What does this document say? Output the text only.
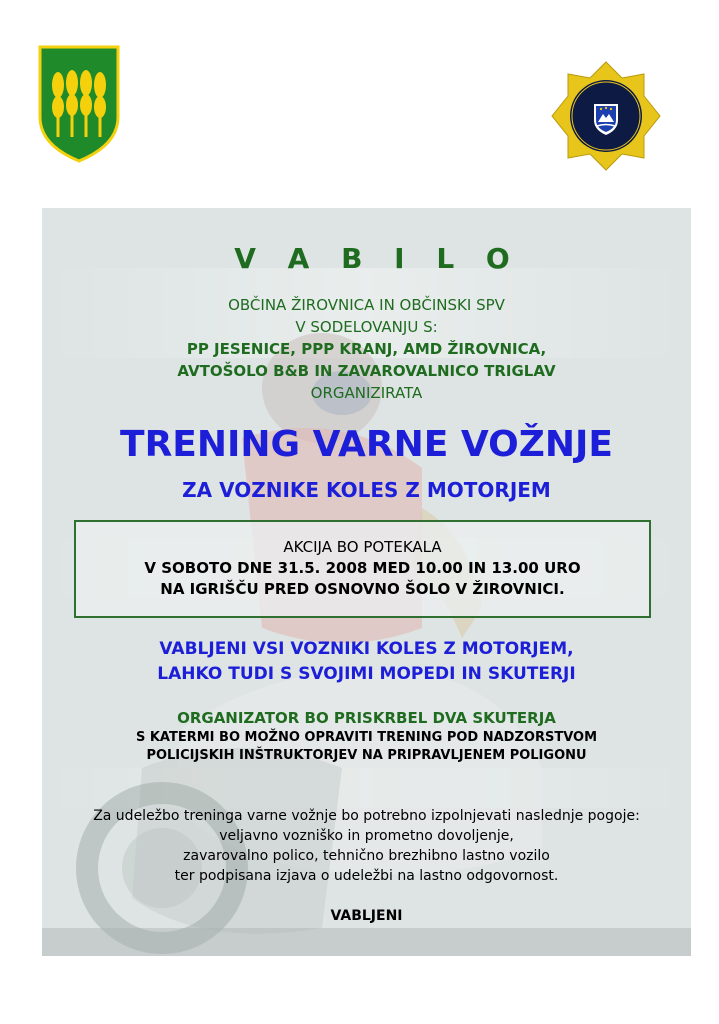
V A B I L O

OBČINA ŽIROVNICA IN OBČINSKI SPV

V SODELOVANJU S:

PP JESENICE, PPP KRANJ, AMD ŽIROVNICA,

AVTOŠOLO B&B IN ZAVAROVALNICO TRIGLAV

ORGANIZIRATA

TRENING VARNE VOŽNJE

ZA VOZNIKE KOLES Z MOTORJEM

AKCIJA BO POTEKALA

V SOBOTO DNE 31.5. 2008 MED 10.00 IN 13.00 URO

NA IGRIŠČU PRED OSNOVNO ŠOLO V ŽIROVNICI.

VABLJENI VSI VOZNIKI KOLES Z MOTORJEM,

LAHKO TUDI S SVOJIMI MOPEDI IN SKUTERJI

ORGANIZATOR BO PRISKRBEL DVA SKUTERJA

S KATERMI BO MOŽNO OPRAVITI TRENING POD NADZORSTVOM

POLICIJSKIH INŠTRUKTORJEV NA PRIPRAVLJENEM POLIGONU

Za udeležbo treninga varne vožnje bo potrebno izpolnjevati naslednje pogoje:

veljavno vozniško in prometno dovoljenje,

zavarovalno polico, tehnično brezhibno lastno vozilo

ter podpisana izjava o udeležbi na lastno odgovornost.

VABLJENI
